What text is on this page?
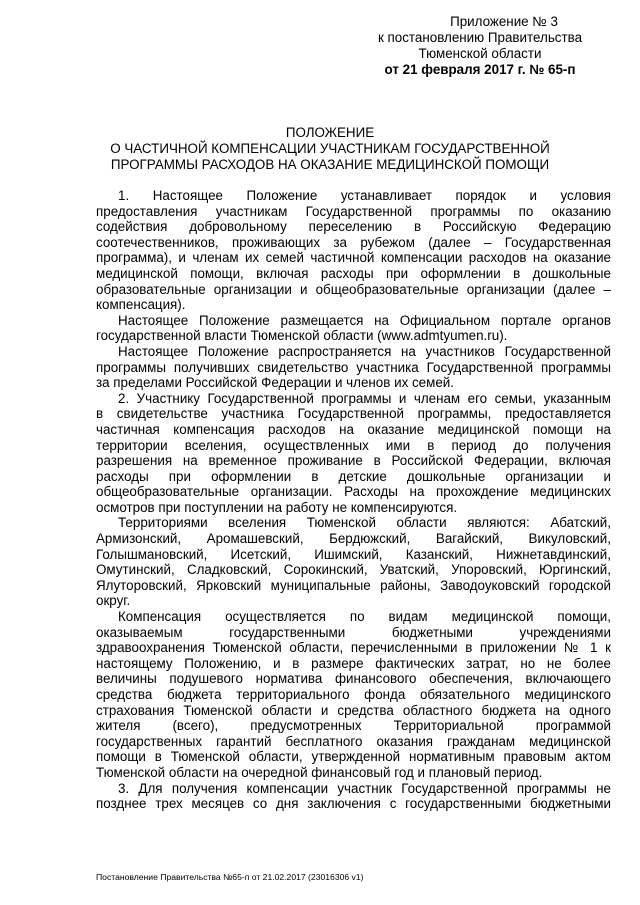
Приложение № 3
к постановлению Правительства
Тюменской области
от 21 февраля 2017 г. № 65-п
ПОЛОЖЕНИЕ
О ЧАСТИЧНОЙ КОМПЕНСАЦИИ УЧАСТНИКАМ ГОСУДАРСТВЕННОЙ
ПРОГРАММЫ РАСХОДОВ НА ОКАЗАНИЕ МЕДИЦИНСКОЙ ПОМОЩИ
1. Настоящее Положение устанавливает порядок и условия
предоставления участникам Государственной программы по оказанию
содействия добровольному переселению в Российскую Федерацию
соотечественников, проживающих за рубежом (далее – Государственная
программа), и членам их семей частичной компенсации расходов на оказание
медицинской помощи, включая расходы при оформлении в дошкольные
образовательные организации и общеобразовательные организации (далее –
компенсация).
Настоящее Положение размещается на Официальном портале органов
государственной власти Тюменской области (www.admtyumen.ru).
Настоящее Положение распространяется на участников Государственной
программы получивших свидетельство участника Государственной программы
за пределами Российской Федерации и членов их семей.
2. Участнику Государственной программы и членам его семьи, указанным
в свидетельстве участника Государственной программы, предоставляется
частичная компенсация расходов на оказание медицинской помощи на
территории вселения, осуществленных ими в период до получения
разрешения на временное проживание в Российской Федерации, включая
расходы при оформлении в детские дошкольные организации и
общеобразовательные организации. Расходы на прохождение медицинских
осмотров при поступлении на работу не компенсируются.
Территориями вселения Тюменской области являются: Абатский,
Армизонский, Аромашевский, Бердюжский, Вагайский, Викуловский,
Голышмановский, Исетский, Ишимский, Казанский, Нижнетавдинский,
Омутинский, Сладковский, Сорокинский, Уватский, Упоровский, Юргинский,
Ялуторовский, Ярковский муниципальные районы, Заводоуковский городской
округ.
Компенсация осуществляется по видам медицинской помощи,
оказываемым государственными бюджетными учреждениями
здравоохранения Тюменской области, перечисленными в приложении № 1 к
настоящему Положению, и в размере фактических затрат, но не более
величины подушевого норматива финансового обеспечения, включающего
средства бюджета территориального фонда обязательного медицинского
страхования Тюменской области и средства областного бюджета на одного
жителя (всего), предусмотренных Территориальной программой
государственных гарантий бесплатного оказания гражданам медицинской
помощи в Тюменской области, утвержденной нормативным правовым актом
Тюменской области на очередной финансовый год и плановый период.
3. Для получения компенсации участник Государственной программы не
позднее трех месяцев со дня заключения с государственными бюджетными
Постановление Правительства №65-п от 21.02.2017 (23016306 v1)
